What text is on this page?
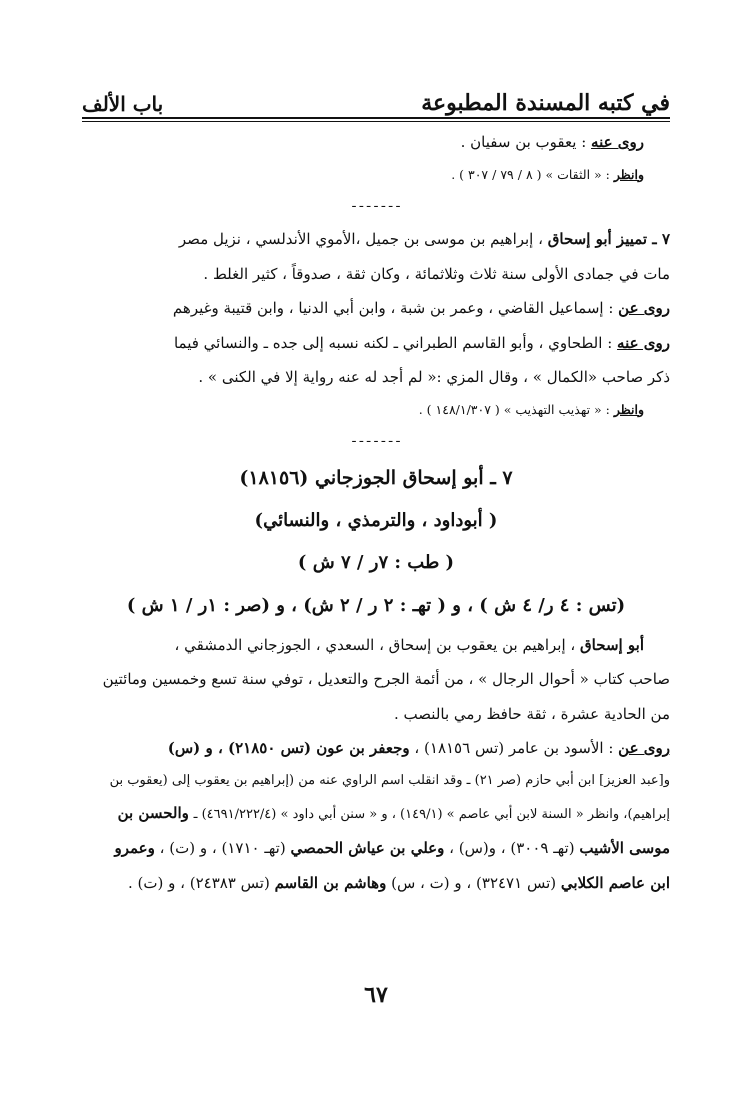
في كتبه المسندة المطبوعة
باب الألف

روى عنه : يعقوب بن سفيان .

وانظر : « الثقات » ( ٨ / ٧٩ / ٣٠٧ ) .

ـ ـ ـ ـ ـ ـ ـ

٧ ـ تمييز أبو إسحاق ، إبراهيم بن موسى بن جميل ،الأموي الأندلسي ، نزيل مصر

مات في جمادى الأولى سنة ثلاث وثلاثمائة ، وكان ثقة ، صدوقاً ، كثير الغلط .

روى عن : إسماعيل القاضي ، وعمر بن شبة ، وابن أبي الدنيا ، وابن قتيبة وغيرهم

روى عنه : الطحاوي ، وأبو القاسم الطبراني ـ لكنه نسبه إلى جده ـ والنسائي فيما

ذكر صاحب «الكمال » ، وقال المزي :« لم أجد له عنه رواية إلا في الكنى » .

وانظر : « تهذيب التهذيب » ( ١٤٨/١/٣٠٧ ) .

ـ ـ ـ ـ ـ ـ ـ
٧ ـ أبو إسحاق الجوزجاني (١٨١٥٦)
( أبوداود ، والترمذي ، والنسائي)
( طب : ٧ر / ٧ ش )
(تس : ٤ ر/ ٤ ش ) ، و ( تهـ : ٢ ر / ٢ ش) ، و (صر : ١ر / ١ ش )

أبو إسحاق ، إبراهيم بن يعقوب بن إسحاق ، السعدي ، الجوزجاني الدمشقي ،

صاحب كتاب « أحوال الرجال » ، من أئمة الجرح والتعديل ، توفي سنة تسع وخمسين ومائتين

من الحادية عشرة ، ثقة حافظ رمي بالنصب .

روى عن : الأسود بن عامر (تس ١٨١٥٦) ، وجعفر بن عون (تس ٢١٨٥٠) ، و (س)

و[عبد العزيز] ابن أبي حازم (صر ٢١) ـ وقد انقلب اسم الراوي عنه من (إبراهيم بن يعقوب إلى (يعقوب بن

إبراهيم)، وانظر « السنة لابن أبي عاصم » (١٤٩/١) ، و « سنن أبي داود » (٤٦٩١/٢٢٢/٤) ـ والحسن بن

موسى الأشيب (تهـ ٣٠٠٩) ، و(س) ، وعلي بن عياش الحمصي (تهـ ١٧١٠) ، و (ت) ، وعمرو

ابن عاصم الكلابي (تس ٣٢٤٧١) ، و (ت ، س) وهاشم بن القاسم (تس ٢٤٣٨٣) ، و (ت) .

٦٧
